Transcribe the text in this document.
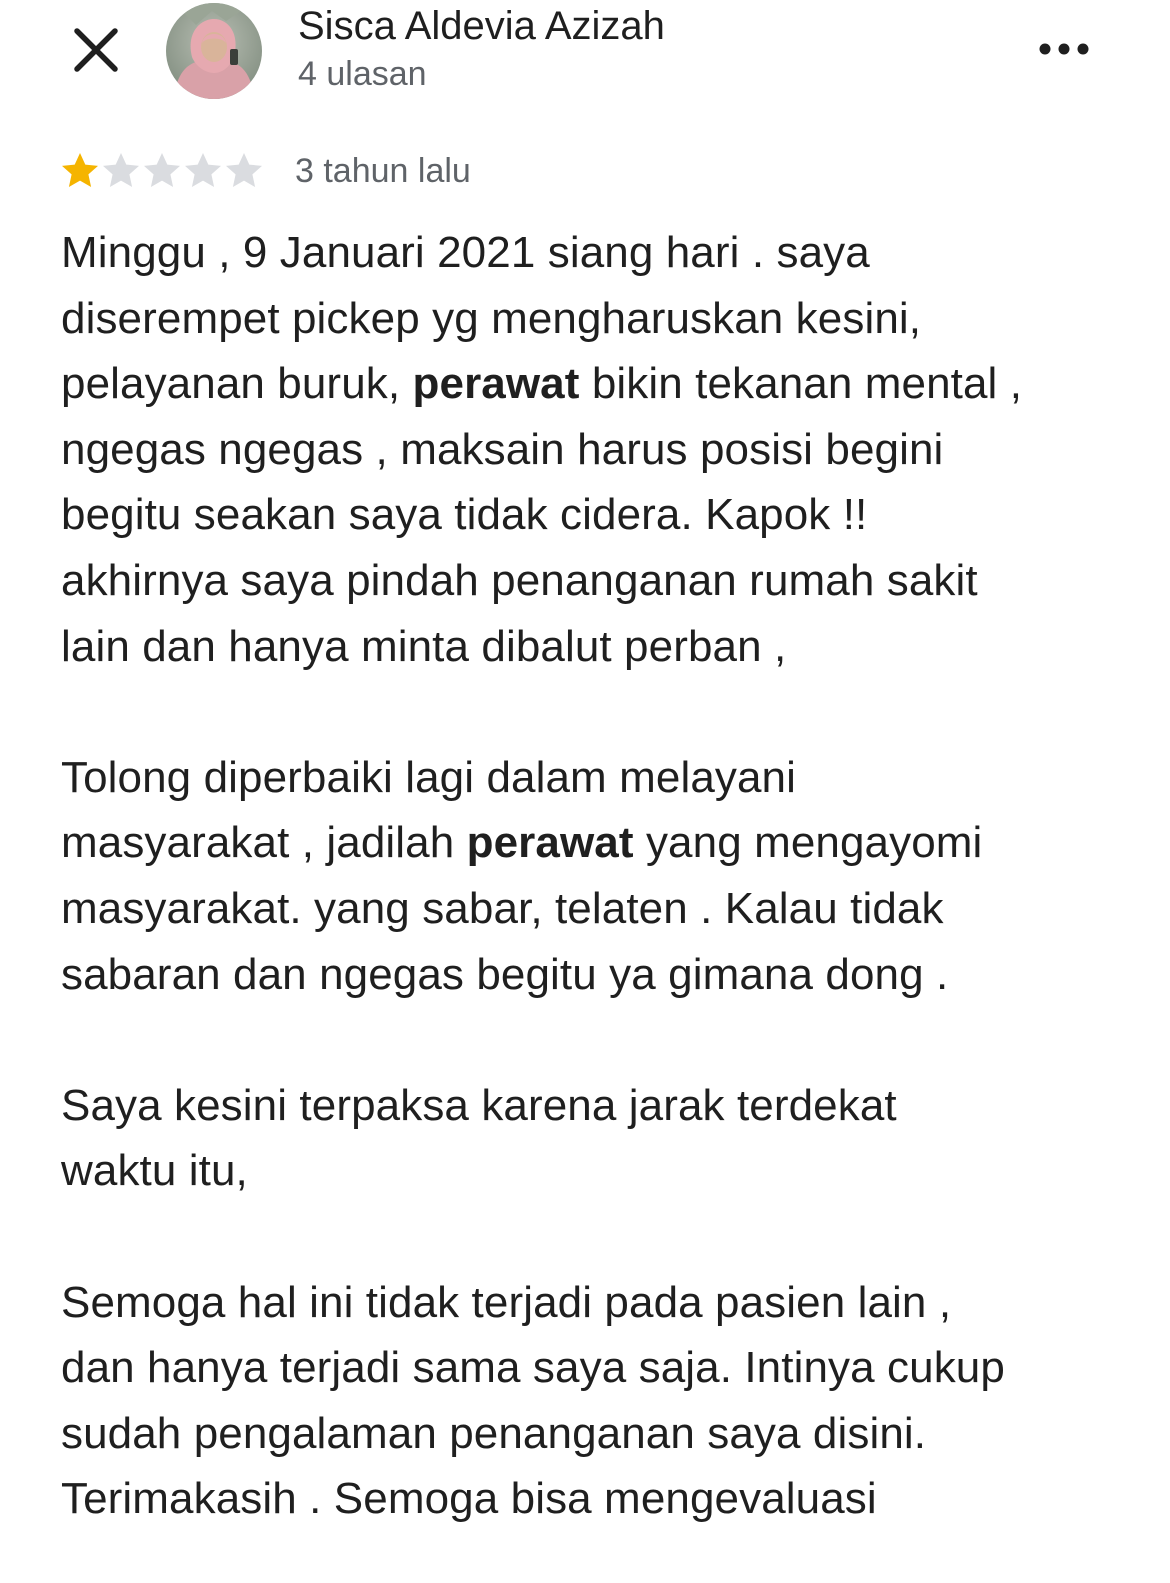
Sisca Aldevia Azizah
4 ulasan
3 tahun lalu
Minggu , 9 Januari 2021 siang hari . saya
diserempet pickep yg mengharuskan kesini,
pelayanan buruk, perawat bikin tekanan mental ,
ngegas ngegas , maksain harus posisi begini
begitu seakan saya tidak cidera. Kapok !!
akhirnya saya pindah penanganan rumah sakit
lain dan hanya minta dibalut perban ,
Tolong diperbaiki lagi dalam melayani
masyarakat , jadilah perawat yang mengayomi
masyarakat. yang sabar, telaten . Kalau tidak
sabaran dan ngegas begitu ya gimana dong .
Saya kesini terpaksa karena jarak terdekat
waktu itu,
Semoga hal ini tidak terjadi pada pasien lain ,
dan hanya terjadi sama saya saja. Intinya cukup
sudah pengalaman penanganan saya disini.
Terimakasih . Semoga bisa mengevaluasi
